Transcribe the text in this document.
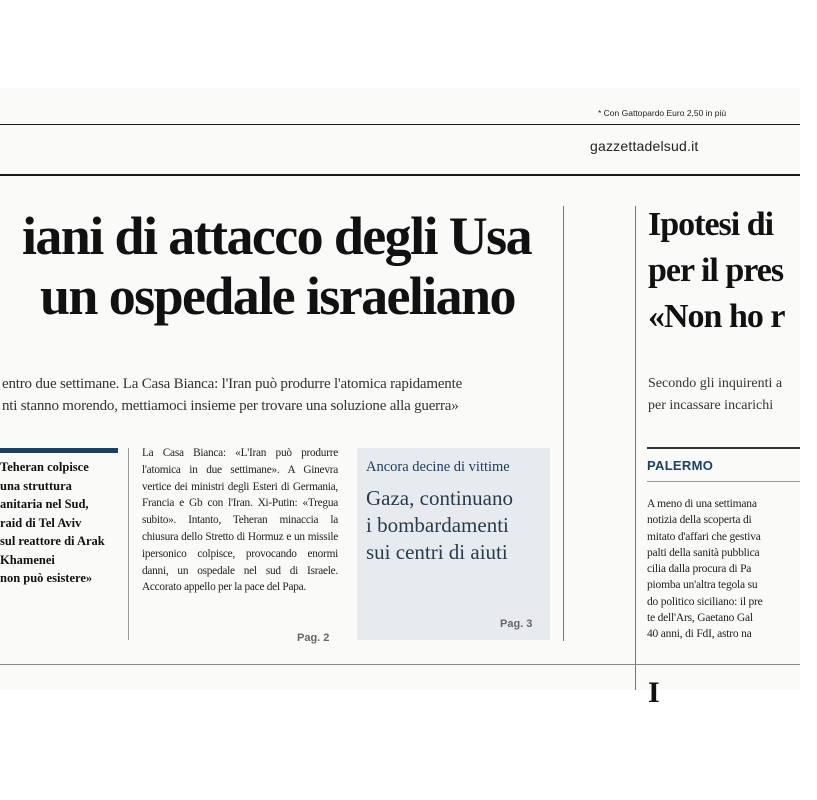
* Con Gattopardo Euro 2,50 in più
gazzettadelsud.it
iani di attacco degli Usa
un ospedale israeliano
entro due settimane. La Casa Bianca: l'Iran può produrre l'atomica rapidamente
nti stanno morendo, mettiamoci insieme per trovare una soluzione alla guerra»
Teheran colpisce
una struttura
anitaria nel Sud,
raid di Tel Aviv
sul reattore di Arak
Khamenei
non può esistere»
La Casa Bianca: «L'Iran può produrre l'atomica in due settimane». A Ginevra vertice dei ministri degli Esteri di Germania, Francia e Gb con l'Iran. Xi-Putin: «Tregua subito». Intanto, Teheran minaccia la chiusura dello Stretto di Hormuz e un missile ipersonico colpisce, provocando enormi danni, un ospedale nel sud di Israele. Accorato appello per la pace del Papa.
Pag. 2
Ancora decine di vittime
Gaza, continuano
i bombardamenti
sui centri di aiuti
Pag. 3
Ipotesi di
per il pres
«Non ho r
Secondo gli inquirenti a
per incassare incarichi
PALERMO
A meno di una settimana
notizia della scoperta di
mitato d'affari che gestiva
palti della sanità pubblica
cilia dalla procura di Pa
piomba un'altra tegola su
do politico siciliano: il pre
te dell'Ars, Gaetano Gal
40 anni, di FdI, astro na
I
